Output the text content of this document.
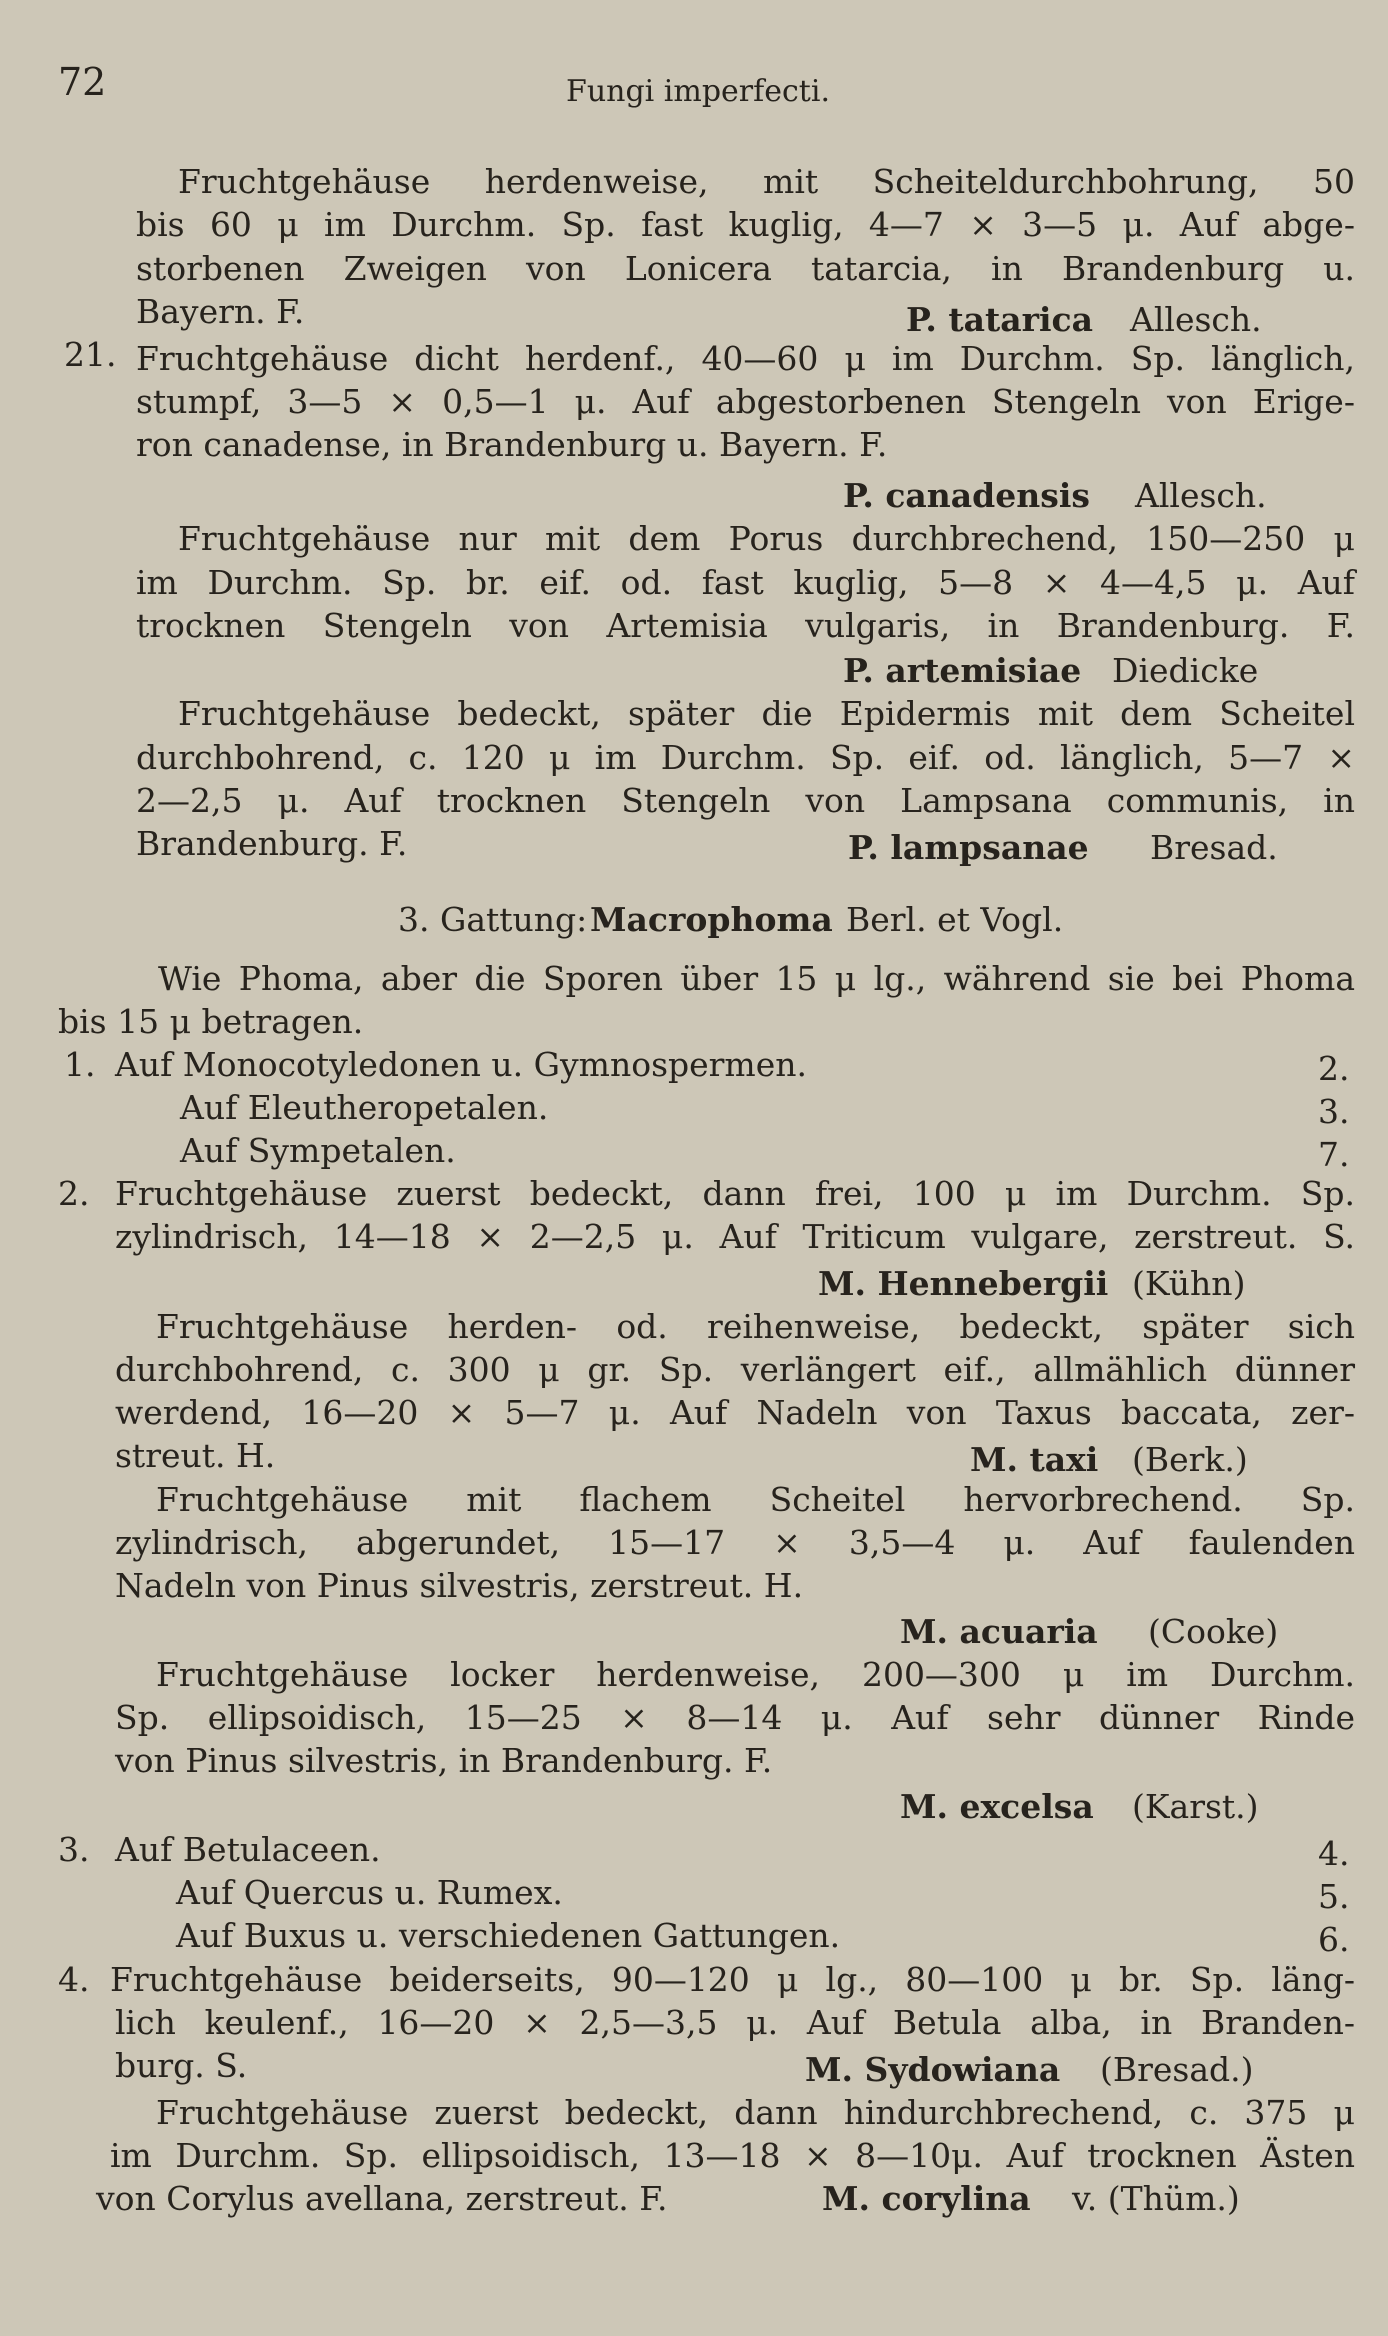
72	Fungi imperfecti.
Fruchtgehäuse herdenweise, mit Scheiteldurchbohrung, 50
bis 60 μ im Durchm. Sp. fast kuglig, 4—7 × 3—5 μ. Auf abge-
storbenen Zweigen von Lonicera tatarcia, in Brandenburg u.
Bayern. F.	P. tatarica Allesch.
21. Fruchtgehäuse dicht herdenf., 40—60 μ im Durchm. Sp. länglich,
stumpf, 3—5 × 0,5—1 μ. Auf abgestorbenen Stengeln von Erige-
ron canadense, in Brandenburg u. Bayern. F.
P. canadensis Allesch.
Fruchtgehäuse nur mit dem Porus durchbrechend, 150—250 μ
im Durchm. Sp. br. eif. od. fast kuglig, 5—8 × 4—4,5 μ. Auf
trocknen Stengeln von Artemisia vulgaris, in Brandenburg. F.
P. artemisiae Diedicke
Fruchtgehäuse bedeckt, später die Epidermis mit dem Scheitel
durchbohrend, c. 120 μ im Durchm. Sp. eif. od. länglich, 5—7 ×
2—2,5 μ. Auf trocknen Stengeln von Lampsana communis, in
Brandenburg. F.	P. lampsanae Bresad.
3. Gattung: Macrophoma Berl. et Vogl.
Wie Phoma, aber die Sporen über 15 μ lg., während sie bei Phoma
bis 15 μ betragen.
1. Auf Monocotyledonen u. Gymnospermen.	2.
Auf Eleutheropetalen.	3.
Auf Sympetalen.	7.
2. Fruchtgehäuse zuerst bedeckt, dann frei, 100 μ im Durchm. Sp.
zylindrisch, 14—18 × 2—2,5 μ. Auf Triticum vulgare, zerstreut. S.
M. Hennebergii (Kühn)
Fruchtgehäuse herden- od. reihenweise, bedeckt, später sich
durchbohrend, c. 300 μ gr. Sp. verlängert eif., allmählich dünner
werdend, 16—20 × 5—7 μ. Auf Nadeln von Taxus baccata, zer-
streut. H.	M. taxi (Berk.)
Fruchtgehäuse mit flachem Scheitel hervorbrechend. Sp.
zylindrisch, abgerundet, 15—17 × 3,5—4 μ. Auf faulenden
Nadeln von Pinus silvestris, zerstreut. H.
M. acuaria (Cooke)
Fruchtgehäuse locker herdenweise, 200—300 μ im Durchm.
Sp. ellipsoidisch, 15—25 × 8—14 μ. Auf sehr dünner Rinde
von Pinus silvestris, in Brandenburg. F.
M. excelsa (Karst.)
3. Auf Betulaceen.	4.
Auf Quercus u. Rumex.	5.
Auf Buxus u. verschiedenen Gattungen.	6.
4. Fruchtgehäuse beiderseits, 90—120 μ lg., 80—100 μ br. Sp. läng-
lich keulenf., 16—20 × 2,5—3,5 μ. Auf Betula alba, in Branden-
burg. S.	M. Sydowiana (Bresad.)
Fruchtgehäuse zuerst bedeckt, dann hindurchbrechend, c. 375 μ
im Durchm. Sp. ellipsoidisch, 13—18 × 8—10μ. Auf trocknen Ästen
von Corylus avellana, zerstreut. F.	M. corylina v. (Thüm.)
